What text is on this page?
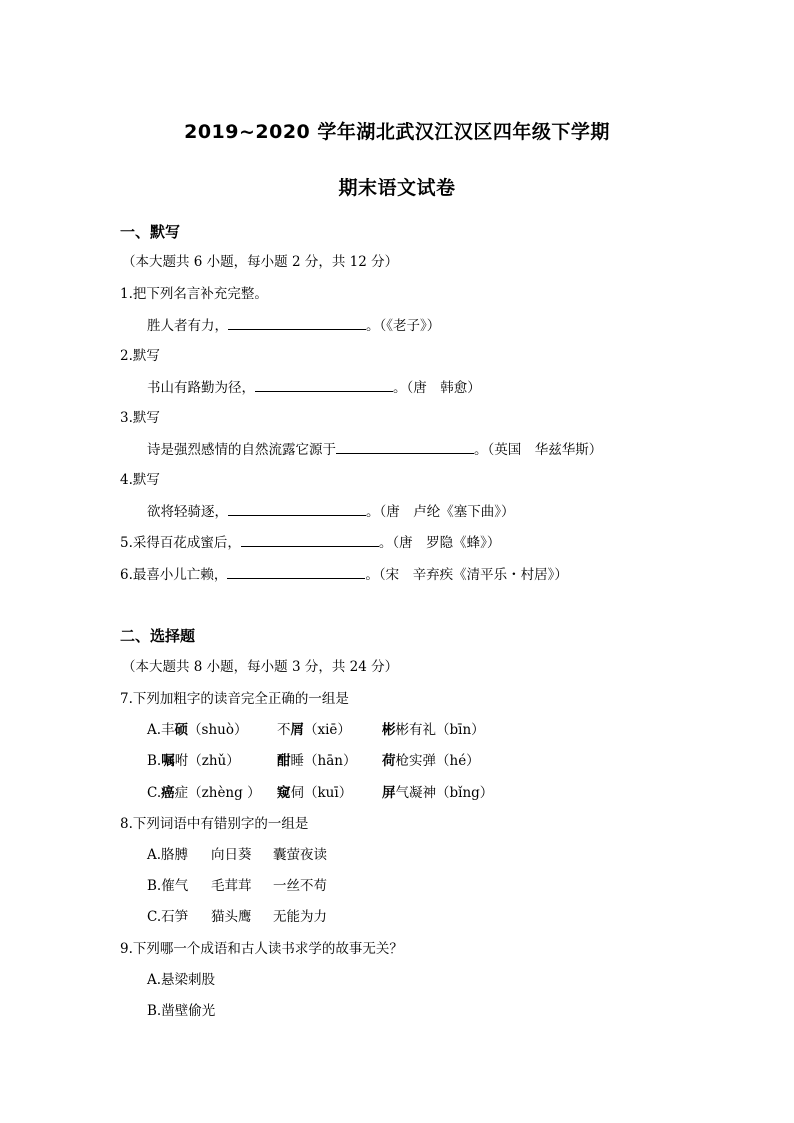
2019~2020 学年湖北武汉江汉区四年级下学期
期末语文试卷
一、默写
（本大题共 6 小题，每小题 2 分，共 12 分）
1.把下列名言补充完整。
胜人者有力，	。（《老子》）
2.默写
书山有路勤为径，	。（唐　韩愈）
3.默写
诗是强烈感情的自然流露它源于	。（英国　华兹华斯）
4.默写
欲将轻骑逐，	。（唐　卢纶《塞下曲》）
5.采得百花成蜜后，	。（唐　罗隐《蜂》）
6.最喜小儿亡赖，	。（宋　辛弃疾《清平乐・村居》）
二、选择题
（本大题共 8 小题，每小题 3 分，共 24 分）
7.下列加粗字的读音完全正确的一组是
A.丰硕（shuò） 不屑（xiē） 彬彬有礼（bīn）
B.嘱咐（zhǔ）	酣睡（hān） 荷枪实弹（hé）
C.癌症（zhèng ） 窥伺（kuī） 屏气凝神（bǐng）
8.下列词语中有错别字的一组是
A.胳膊 向日葵 囊萤夜读
B.傕气 毛茸茸 一丝不苟
C.石笋 猫头鹰 无能为力
9.下列哪一个成语和古人读书求学的故事无关？
A.悬梁刺股
B.凿壁偷光
